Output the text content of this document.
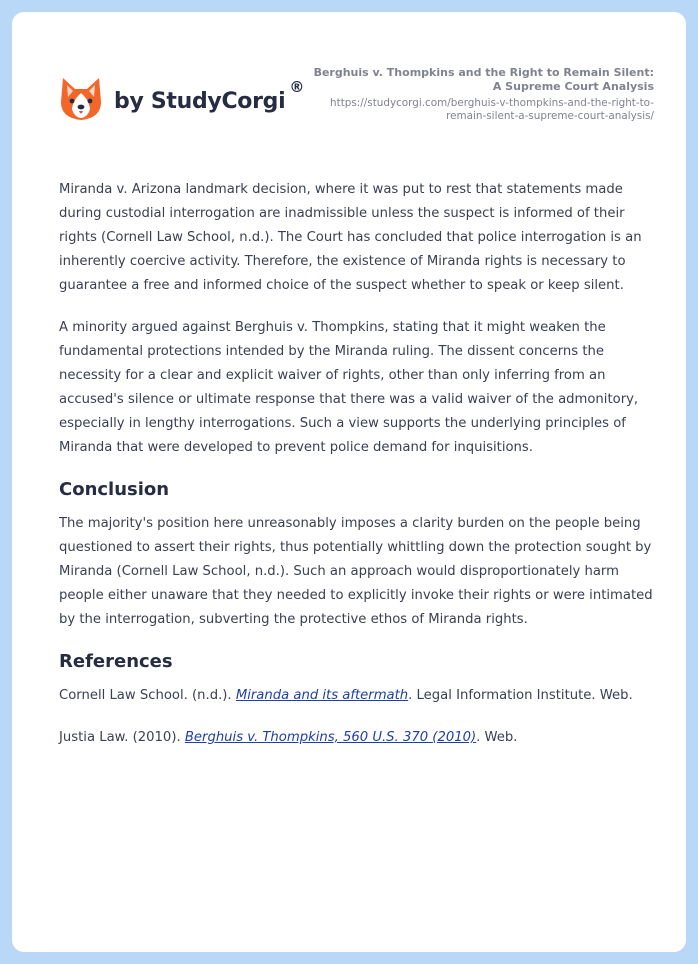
by StudyCorgi
®
Berghuis v. Thompkins and the Right to Remain Silent: A Supreme Court Analysis
https://studycorgi.com/berghuis-v-thompkins-and-the-right-to-remain-silent-a-supreme-court-analysis/

Miranda v. Arizona landmark decision, where it was put to rest that statements made during custodial interrogation are inadmissible unless the suspect is informed of their rights (Cornell Law School, n.d.). The Court has concluded that police interrogation is an inherently coercive activity. Therefore, the existence of Miranda rights is necessary to guarantee a free and informed choice of the suspect whether to speak or keep silent.

A minority argued against Berghuis v. Thompkins, stating that it might weaken the fundamental protections intended by the Miranda ruling. The dissent concerns the necessity for a clear and explicit waiver of rights, other than only inferring from an accused's silence or ultimate response that there was a valid waiver of the admonitory, especially in lengthy interrogations. Such a view supports the underlying principles of Miranda that were developed to prevent police demand for inquisitions.

Conclusion

The majority's position here unreasonably imposes a clarity burden on the people being questioned to assert their rights, thus potentially whittling down the protection sought by Miranda (Cornell Law School, n.d.). Such an approach would disproportionately harm people either unaware that they needed to explicitly invoke their rights or were intimated by the interrogation, subverting the protective ethos of Miranda rights.

References

Cornell Law School. (n.d.). Miranda and its aftermath. Legal Information Institute. Web.

Justia Law. (2010). Berghuis v. Thompkins, 560 U.S. 370 (2010). Web.
